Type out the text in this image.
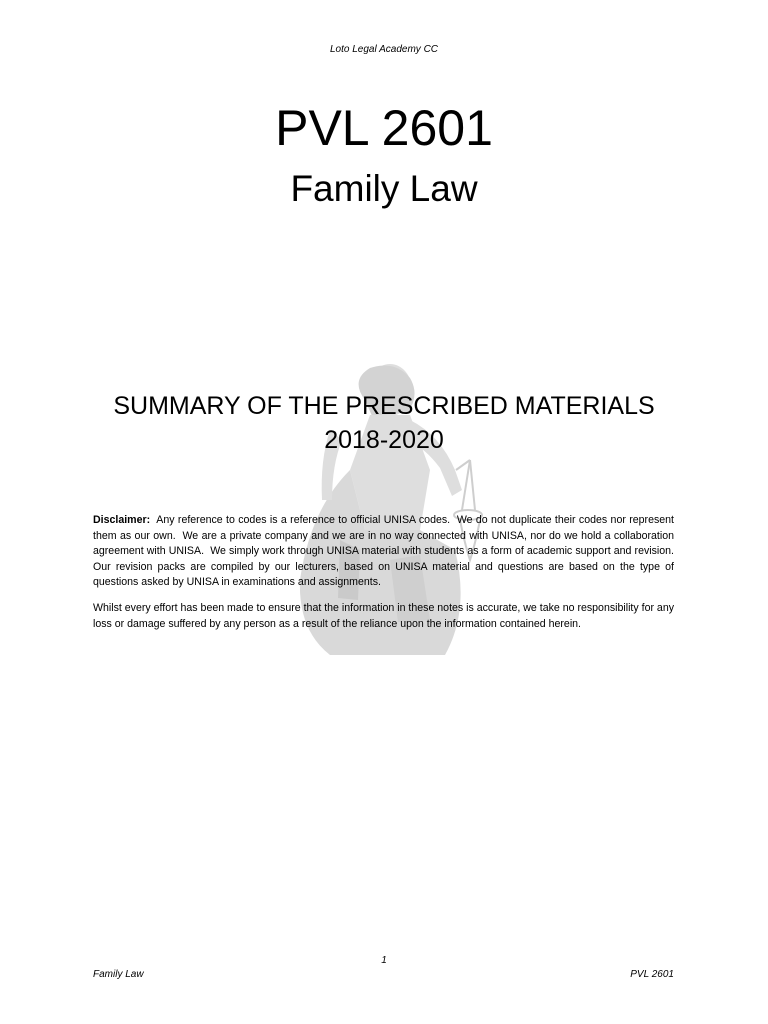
Loto Legal Academy CC
PVL 2601
Family Law
SUMMARY OF THE PRESCRIBED MATERIALS
2018-2020

Disclaimer:  Any reference to codes is a reference to official UNISA codes.  We do not duplicate their codes nor represent them as our own.  We are a private company and we are in no way connected with UNISA, nor do we hold a collaboration agreement with UNISA.  We simply work through UNISA material with students as a form of academic support and revision.  Our revision packs are compiled by our lecturers, based on UNISA material and questions are based on the type of questions asked by UNISA in examinations and assignments.

Whilst every effort has been made to ensure that the information in these notes is accurate, we take no responsibility for any loss or damage suffered by any person as a result of the reliance upon the information contained herein.

1
Family Law	PVL 2601
